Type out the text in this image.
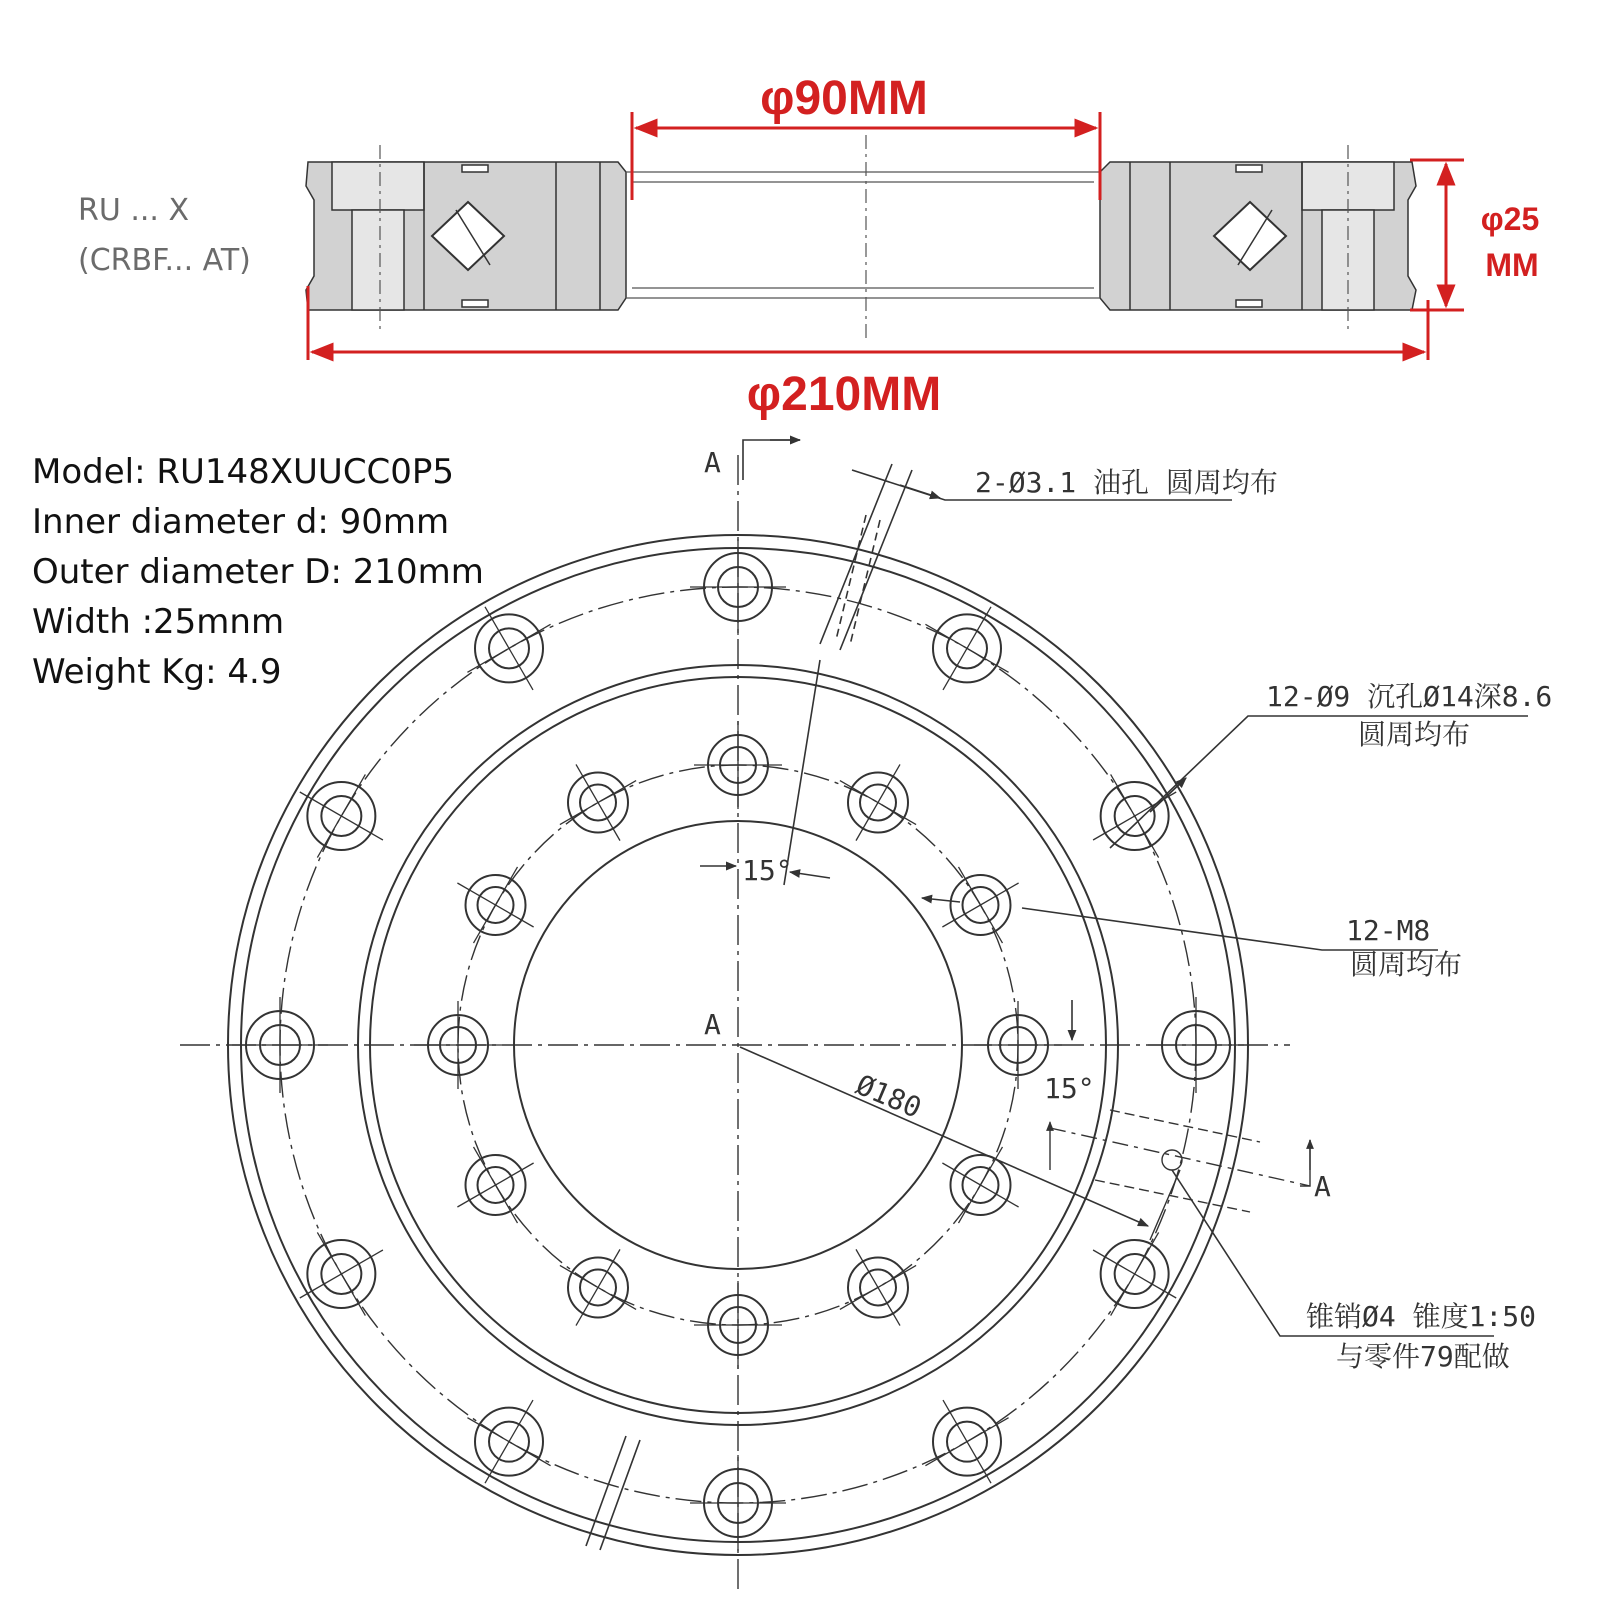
φ90MM
φ210MM
φ25
MM
RU ... X
(CRBF... AT)
A
A
A
2-Ø3.1 油孔 圆周均布
12-Ø9 沉孔Ø14深8.6
圆周均布
12-M8
圆周均布
15°
15°
Ø180
锥销Ø4 锥度1:50
与零件79配做
Model: RU148XUUCC0P5
Inner diameter d: 90mm
Outer diameter D: 210mm
Width :25mnm
Weight Kg: 4.9
